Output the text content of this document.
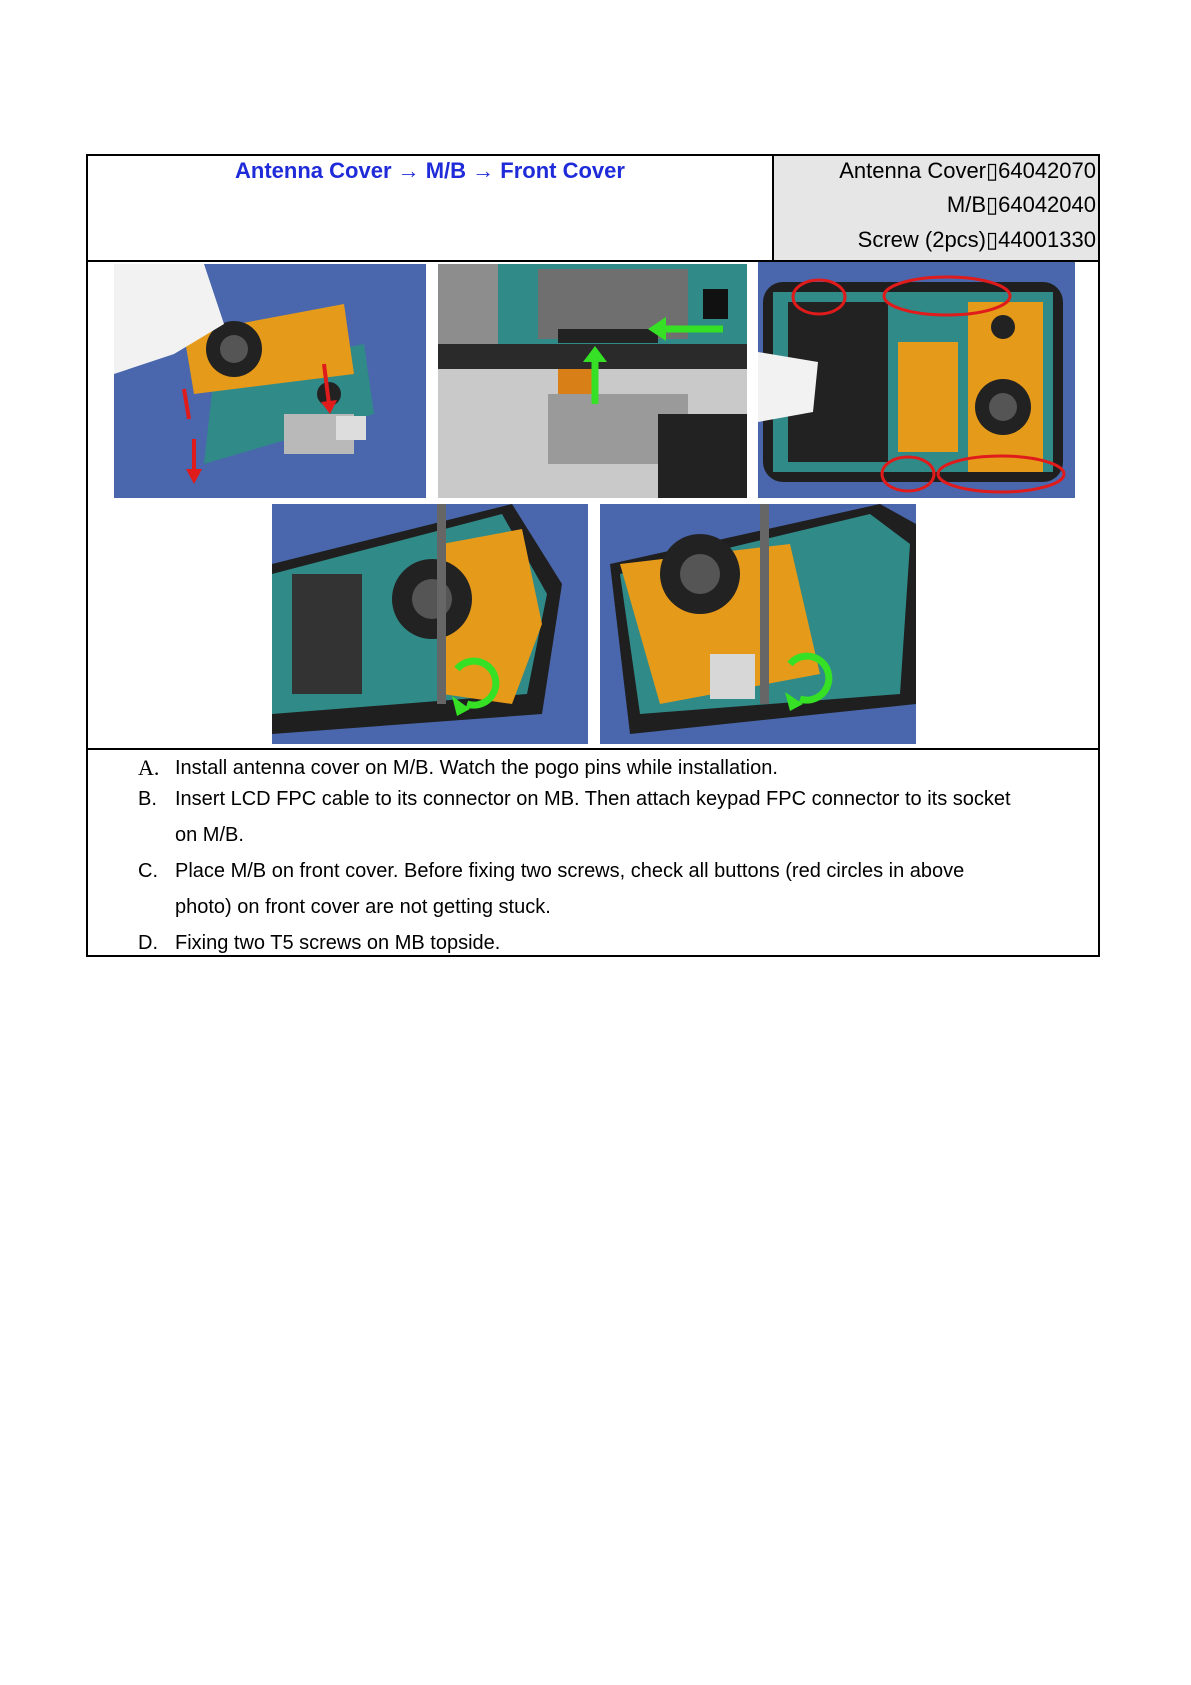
Antenna Cover → M/B → Front Cover	Antenna Cover▯64042070
M/B▯64042040
Screw (2pcs)▯44001330
A. Install antenna cover on M/B. Watch the pogo pins while installation.
B. Insert LCD FPC cable to its connector on MB. Then attach keypad FPC connector to its socket
on M/B.
C. Place M/B on front cover. Before fixing two screws, check all buttons (red circles in above
photo) on front cover are not getting stuck.
D. Fixing two T5 screws on MB topside.
